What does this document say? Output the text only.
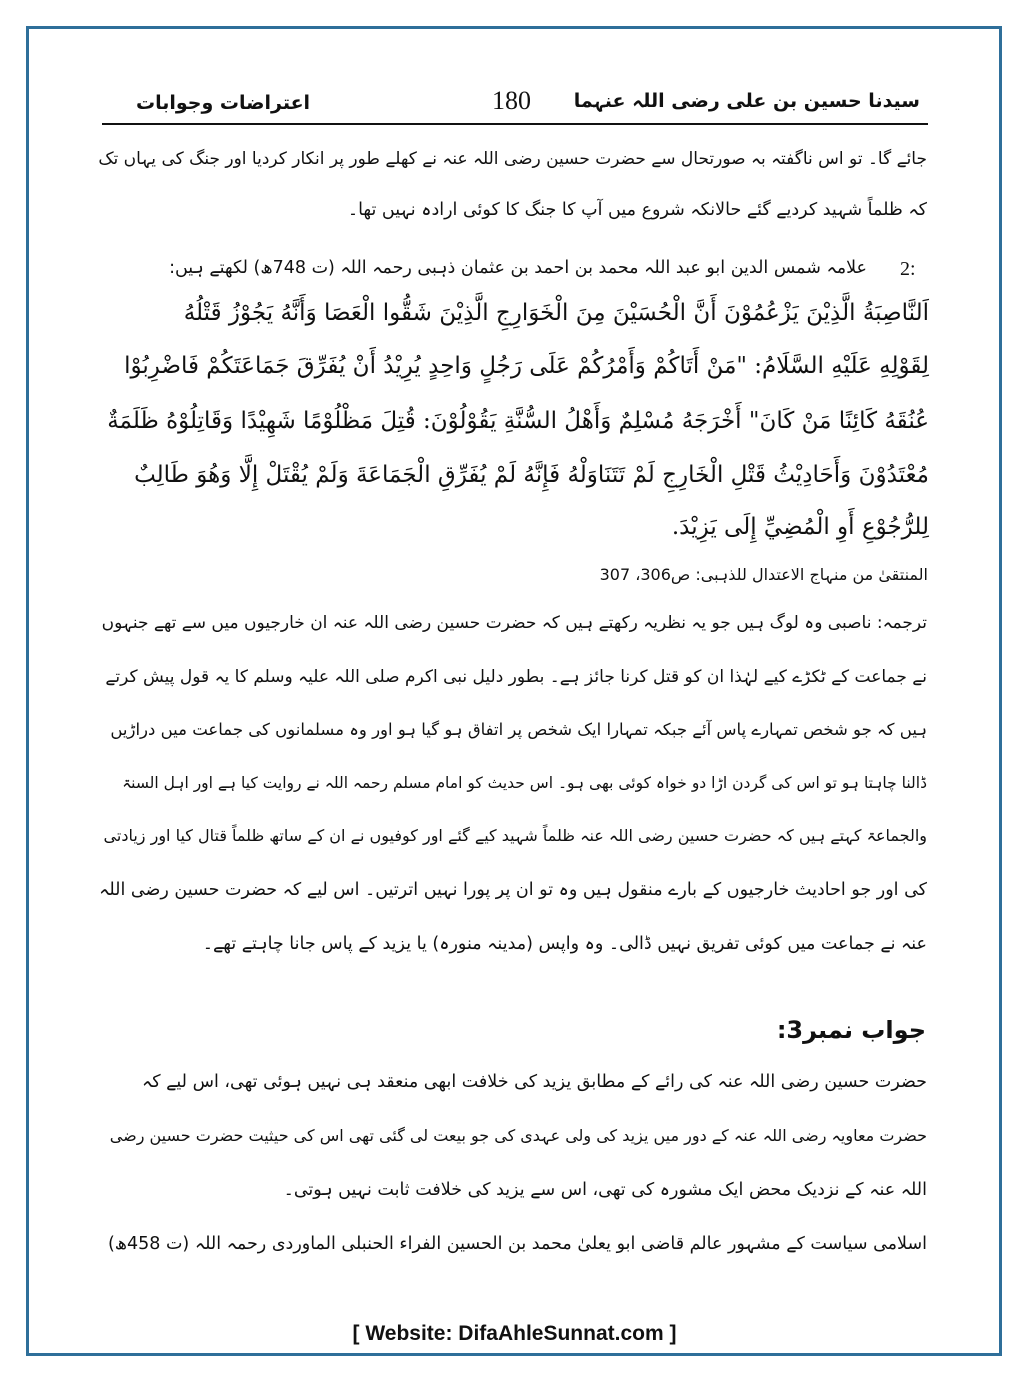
اعتراضات وجوابات	180 سیدنا حسین بن علی رضی اللہ عنہما
جائے گا۔ تو اس ناگفتہ بہ صورتحال سے حضرت حسین رضی اللہ عنہ نے کھلے طور پر انکار کردیا اور جنگ کی یہاں تک
کہ ظلماً شہید کردیے گئے حالانکہ شروع میں آپ کا جنگ کا کوئی ارادہ نہیں تھا۔
2:
علامہ شمس الدین ابو عبد اللہ محمد بن احمد بن عثمان ذہبی رحمہ اللہ (ت 748ھ) لکھتے ہیں:
اَلنَّاصِبَةُ الَّذِيْنَ يَزْعُمُوْنَ أَنَّ الْحُسَيْنَ مِنَ الْخَوَارِجِ الَّذِيْنَ شَقُّوا الْعَصَا وَأَنَّهُ يَجُوْزُ قَتْلُهُ
لِقَوْلِهِ عَلَيْهِ السَّلَامُ: "مَنْ أَتَاكُمْ وَأَمْرُكُمْ عَلَى رَجُلٍ وَاحِدٍ يُرِيْدُ أَنْ يُفَرِّقَ جَمَاعَتَكُمْ فَاضْرِبُوْا
عُنُقَهُ كَائِنًا مَنْ كَانَ" أَخْرَجَهُ مُسْلِمٌ وَأَهْلُ السُّنَّةِ يَقُوْلُوْنَ: قُتِلَ مَظْلُوْمًا شَهِيْدًا وَقَاتِلُوْهُ ظَلَمَةٌ
مُعْتَدُوْنَ وَأَحَادِيْثُ قَتْلِ الْخَارِجِ لَمْ تَتَنَاوَلْهُ فَإِنَّهُ لَمْ يُفَرِّقِ الْجَمَاعَةَ وَلَمْ يُقْتَلْ إِلَّا وَهُوَ طَالِبٌ
لِلرُّجُوْعِ أَوِ الْمُضِيِّ إِلَى يَزِيْدَ.
المنتقیٰ من منہاج الاعتدال للذہبی: ص306، 307
ترجمہ: ناصبی وہ لوگ ہیں جو یہ نظریہ رکھتے ہیں کہ حضرت حسین رضی اللہ عنہ ان خارجیوں میں سے تھے جنہوں
نے جماعت کے ٹکڑے کیے لہٰذا ان کو قتل کرنا جائز ہے۔ بطور دلیل نبی اکرم صلی اللہ علیہ وسلم کا یہ قول پیش کرتے
ہیں کہ جو شخص تمہارے پاس آئے جبکہ تمہارا ایک شخص پر اتفاق ہو گیا ہو اور وہ مسلمانوں کی جماعت میں دراڑیں
ڈالنا چاہتا ہو تو اس کی گردن اڑا دو خواہ کوئی بھی ہو۔ اس حدیث کو امام مسلم رحمہ اللہ نے روایت کیا ہے اور اہل السنۃ
والجماعۃ کہتے ہیں کہ حضرت حسین رضی اللہ عنہ ظلماً شہید کیے گئے اور کوفیوں نے ان کے ساتھ ظلماً قتال کیا اور زیادتی
کی اور جو احادیث خارجیوں کے بارے منقول ہیں وہ تو ان پر پورا نہیں اترتیں۔ اس لیے کہ حضرت حسین رضی اللہ
عنہ نے جماعت میں کوئی تفریق نہیں ڈالی۔ وہ واپس (مدینہ منورہ) یا یزید کے پاس جانا چاہتے تھے۔
جواب نمبر3:
حضرت حسین رضی اللہ عنہ کی رائے کے مطابق یزید کی خلافت ابھی منعقد ہی نہیں ہوئی تھی، اس لیے کہ
حضرت معاویہ رضی اللہ عنہ کے دور میں یزید کی ولی عہدی کی جو بیعت لی گئی تھی اس کی حیثیت حضرت حسین رضی
اللہ عنہ کے نزدیک محض ایک مشورہ کی تھی، اس سے یزید کی خلافت ثابت نہیں ہوتی۔
اسلامی سیاست کے مشہور عالم قاضی ابو یعلیٰ محمد بن الحسین الفراء الحنبلی الماوردی رحمہ اللہ (ت 458ھ)
[ Website: DifaAhleSunnat.com ]
